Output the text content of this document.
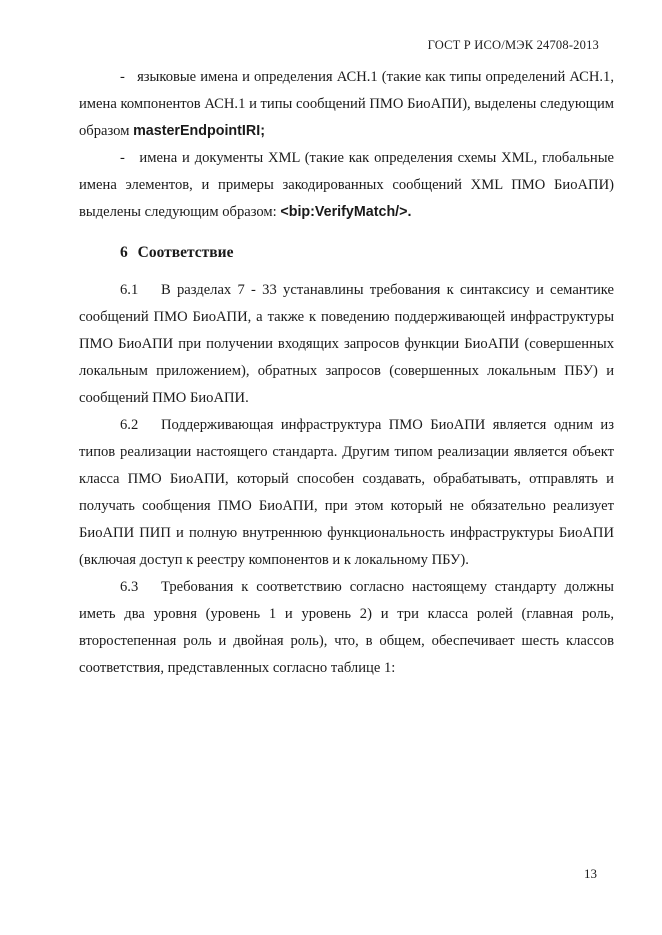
ГОСТ Р ИСО/МЭК 24708-2013

- языковые имена и определения АСН.1 (такие как типы определений АСН.1, имена компонентов АСН.1 и типы сообщений ПМО БиоАПИ), выделены следующим образом masterEndpointIRI;

- имена и документы XML (такие как определения схемы XML, глобальные имена элементов, и примеры закодированных сообщений XML ПМО БиоАПИ) выделены следующим образом: <bip:VerifyMatch/>.

6 Соответствие

6.1 В разделах 7 - 33 устанавлины требования к синтаксису и семантике сообщений ПМО БиоАПИ, а также к поведению поддерживающей инфраструктуры ПМО БиоАПИ при получении входящих запросов функции БиоАПИ (совершенных локальным приложением), обратных запросов (совершенных локальным ПБУ) и сообщений ПМО БиоАПИ.

6.2 Поддерживающая инфраструктура ПМО БиоАПИ является одним из типов реализации настоящего стандарта. Другим типом реализации является объект класса ПМО БиоАПИ, который способен создавать, обрабатывать, отправлять и получать сообщения ПМО БиоАПИ, при этом который не обязательно реализует БиоАПИ ПИП и полную внутреннюю функциональность инфраструктуры БиоАПИ (включая доступ к реестру компонентов и к локальному ПБУ).

6.3 Требования к соответствию согласно настоящему стандарту должны иметь два уровня (уровень 1 и уровень 2) и три класса ролей (главная роль, второстепенная роль и двойная роль), что, в общем, обеспечивает шесть классов соответствия, представленных согласно таблице 1:

13
